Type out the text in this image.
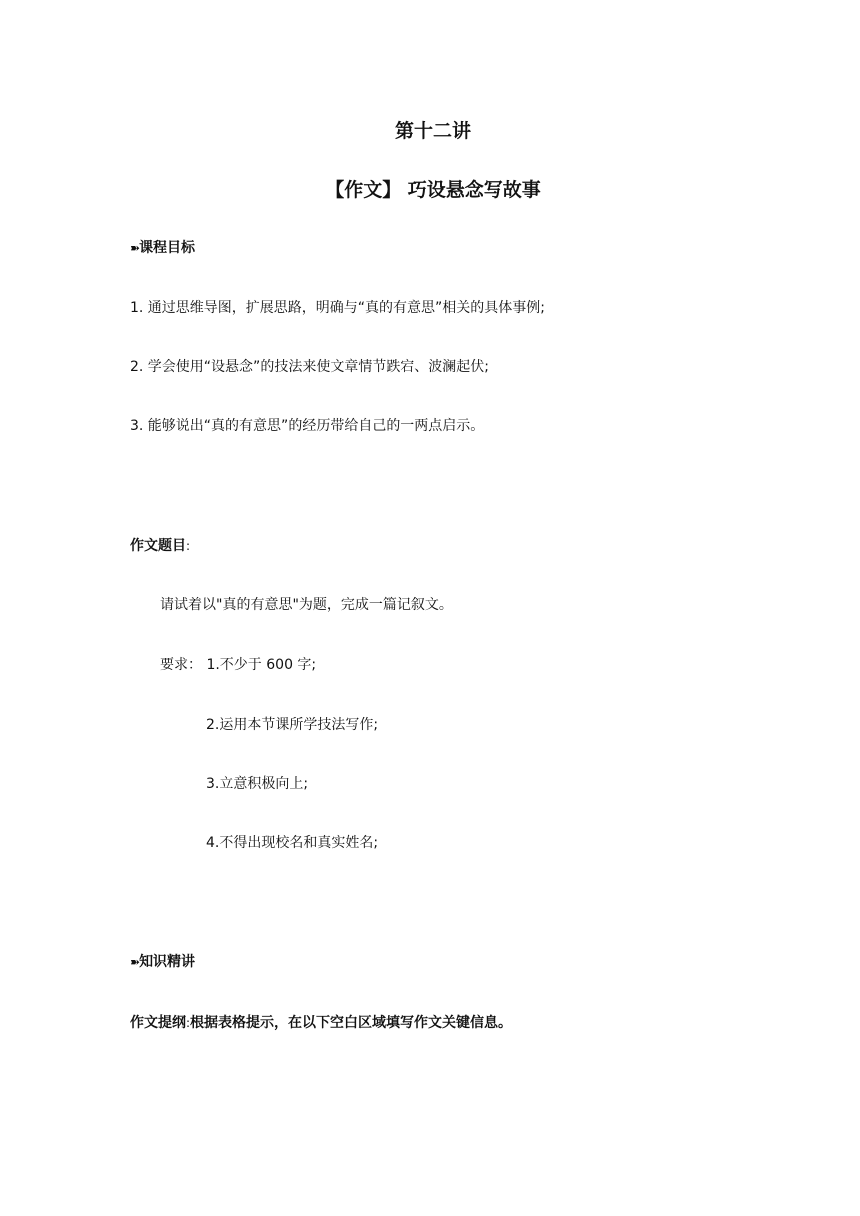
第十二讲
【作文】 巧设悬念写故事
➽课程目标
1. 通过思维导图，扩展思路，明确与“真的有意思”相关的具体事例;
2. 学会使用“设悬念”的技法来使文章情节跌宕、波澜起伏;
3. 能够说出“真的有意思”的经历带给自己的一两点启示。
作文题目:
请试着以"真的有意思"为题，完成一篇记叙文。
要求： 1.不少于 600 字;
2.运用本节课所学技法写作;
3.立意积极向上;
4.不得出现校名和真实姓名;
➽知识精讲
作文提纲:根据表格提示，在以下空白区域填写作文关键信息。
